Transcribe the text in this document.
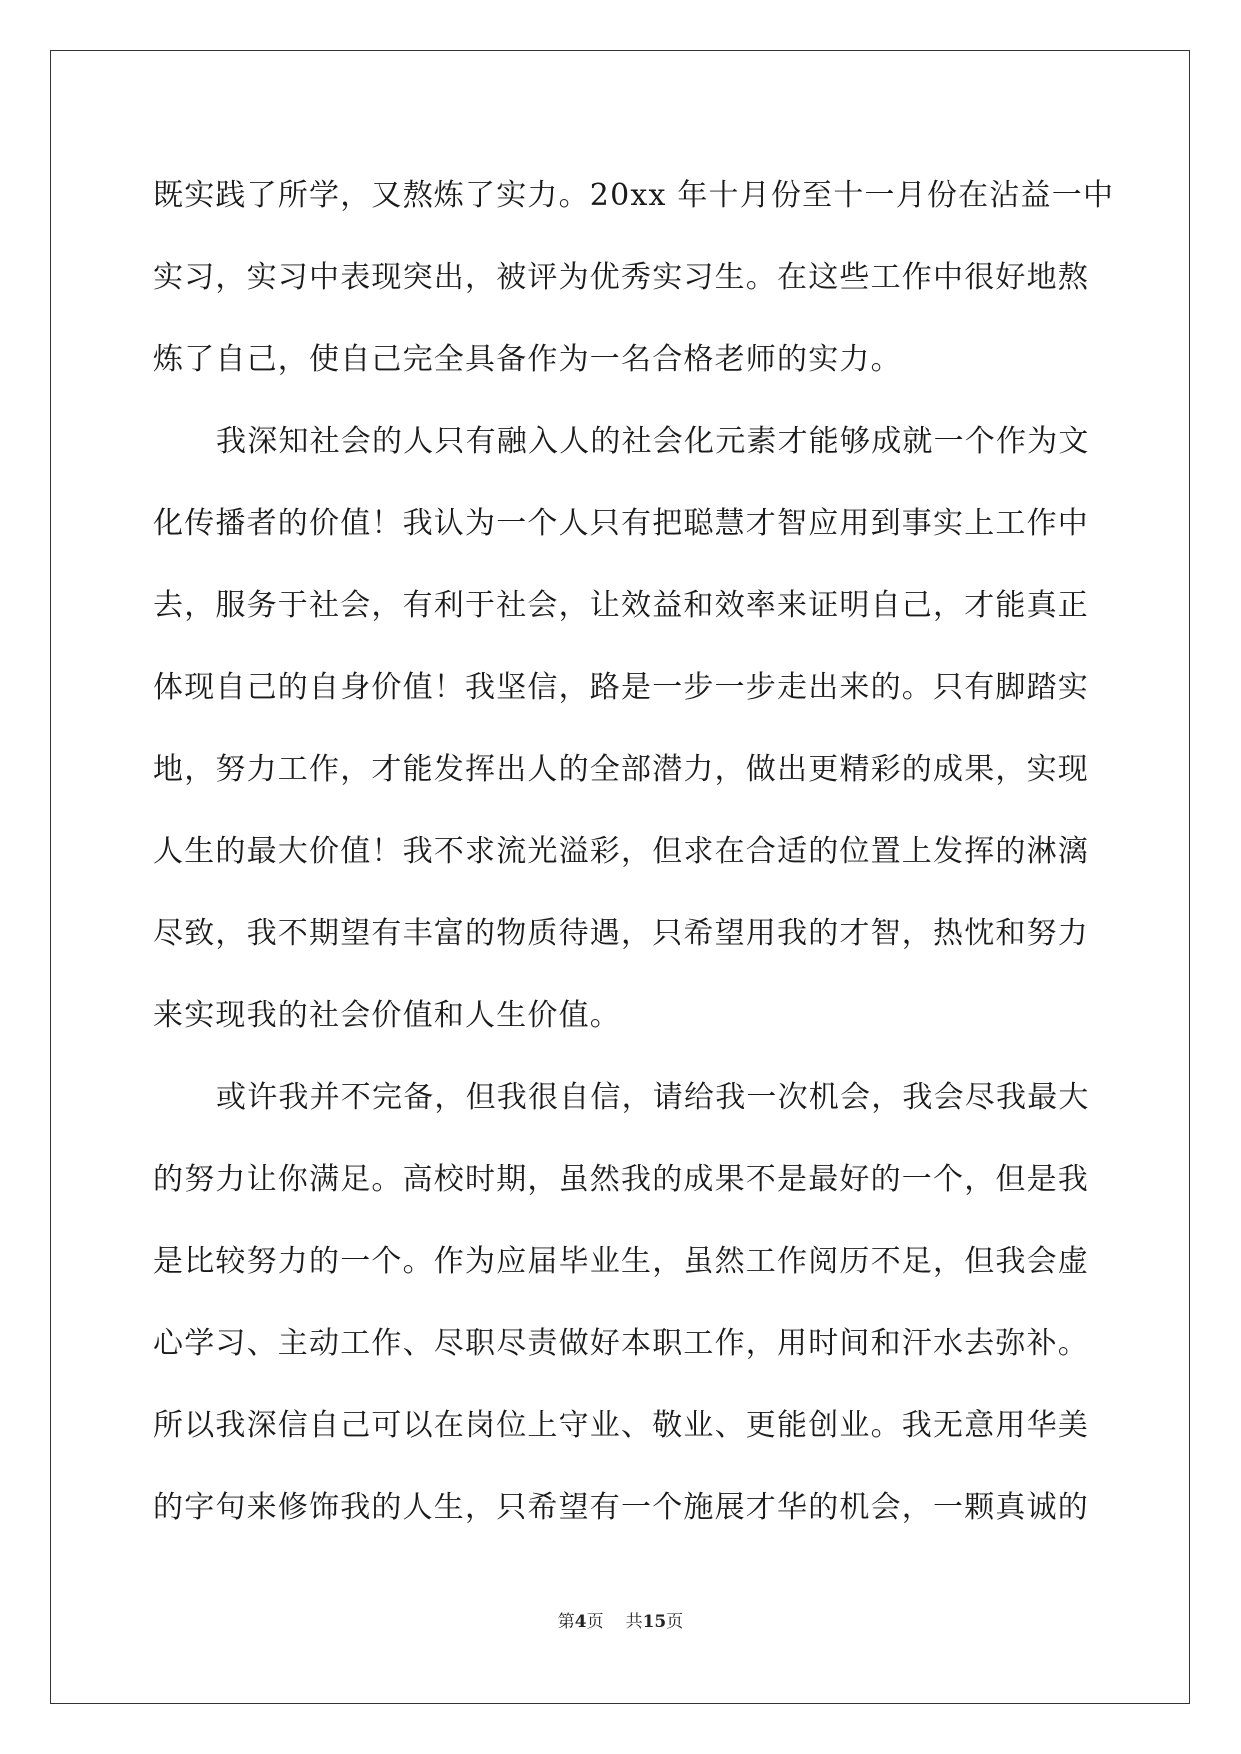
既实践了所学，又熬炼了实力。20xx 年十月份至十一月份在沾益一中
实习，实习中表现突出，被评为优秀实习生。在这些工作中很好地熬
炼了自己，使自己完全具备作为一名合格老师的实力。
我深知社会的人只有融入人的社会化元素才能够成就一个作为文
化传播者的价值！我认为一个人只有把聪慧才智应用到事实上工作中
去，服务于社会，有利于社会，让效益和效率来证明自己，才能真正
体现自己的自身价值！我坚信，路是一步一步走出来的。只有脚踏实
地，努力工作，才能发挥出人的全部潜力，做出更精彩的成果，实现
人生的最大价值！我不求流光溢彩，但求在合适的位置上发挥的淋漓
尽致，我不期望有丰富的物质待遇，只希望用我的才智，热忱和努力
来实现我的社会价值和人生价值。
或许我并不完备，但我很自信，请给我一次机会，我会尽我最大
的努力让你满足。高校时期，虽然我的成果不是最好的一个，但是我
是比较努力的一个。作为应届毕业生，虽然工作阅历不足，但我会虚
心学习、主动工作、尽职尽责做好本职工作，用时间和汗水去弥补。
所以我深信自己可以在岗位上守业、敬业、更能创业。我无意用华美
的字句来修饰我的人生，只希望有一个施展才华的机会，一颗真诚的
第4页 共15页
